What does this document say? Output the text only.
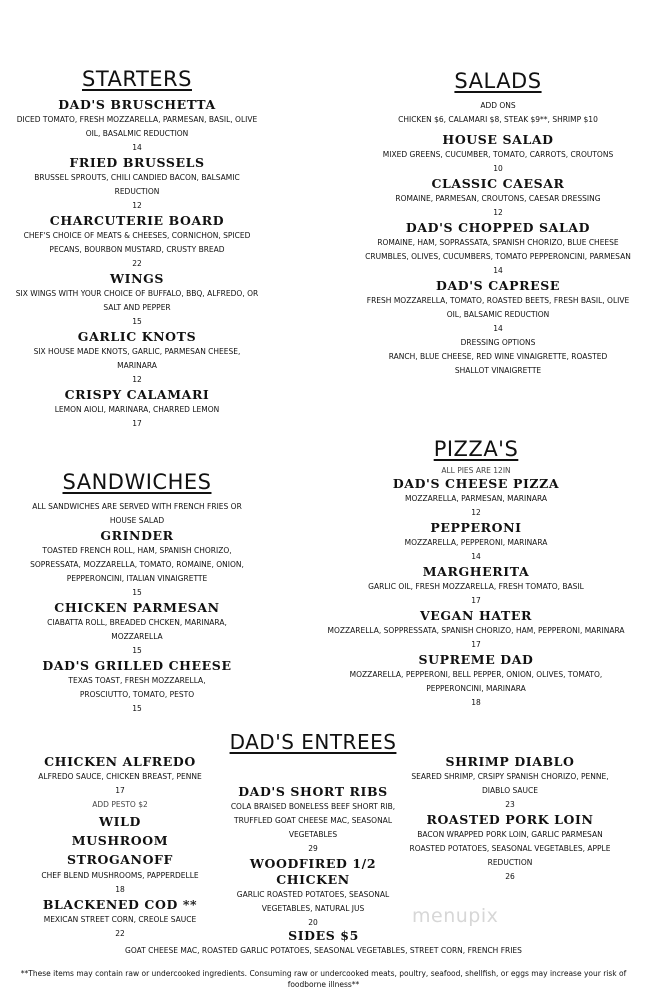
STARTERS
DAD'S BRUSCHETTA
DICED TOMATO, FRESH MOZZARELLA, PARMESAN, BASIL, OLIVE OIL, BASALMIC REDUCTION
14
FRIED BRUSSELS
BRUSSEL SPROUTS, CHILI CANDIED BACON, BALSAMIC REDUCTION
12
CHARCUTERIE BOARD
CHEF'S CHOICE OF MEATS & CHEESES, CORNICHON, SPICED PECANS, BOURBON MUSTARD, CRUSTY BREAD
22
WINGS
SIX WINGS WITH YOUR CHOICE OF BUFFALO, BBQ, ALFREDO, OR SALT AND PEPPER
15
GARLIC KNOTS
SIX HOUSE MADE KNOTS, GARLIC, PARMESAN CHEESE, MARINARA
12
CRISPY CALAMARI
LEMON AIOLI, MARINARA, CHARRED LEMON
17
SALADS
ADD ONS
CHICKEN $6, CALAMARI $8, STEAK $9**, SHRIMP $10
HOUSE SALAD
MIXED GREENS, CUCUMBER, TOMATO, CARROTS, CROUTONS
10
CLASSIC CAESAR
ROMAINE, PARMESAN, CROUTONS, CAESAR DRESSING
12
DAD'S CHOPPED SALAD
ROMAINE, HAM, SOPRASSATA, SPANISH CHORIZO, BLUE CHEESE CRUMBLES, OLIVES, CUCUMBERS, TOMATO PEPPERONCINI, PARMESAN
14
DAD'S CAPRESE
FRESH MOZZARELLA, TOMATO, ROASTED BEETS, FRESH BASIL, OLIVE OIL, BALSAMIC REDUCTION
14
DRESSING OPTIONS
RANCH, BLUE CHEESE, RED WINE VINAIGRETTE, ROASTED SHALLOT VINAIGRETTE
SANDWICHES
ALL SANDWICHES ARE SERVED WITH FRENCH FRIES OR HOUSE SALAD
GRINDER
TOASTED FRENCH ROLL, HAM, SPANISH CHORIZO, SOPRESSATA, MOZZARELLA, TOMATO, ROMAINE, ONION, PEPPERONCINI, ITALIAN VINAIGRETTE
15
CHICKEN PARMESAN
CIABATTA ROLL, BREADED CHCKEN, MARINARA, MOZZARELLA
15
DAD'S GRILLED CHEESE
TEXAS TOAST, FRESH MOZZARELLA, PROSCIUTTO, TOMATO, PESTO
15
PIZZA'S
ALL PIES ARE 12IN
DAD'S CHEESE PIZZA
MOZZARELLA, PARMESAN, MARINARA
12
PEPPERONI
MOZZARELLA, PEPPERONI, MARINARA
14
MARGHERITA
GARLIC OIL, FRESH MOZZARELLA, FRESH TOMATO, BASIL
17
VEGAN HATER
MOZZARELLA, SOPPRESSATA, SPANISH CHORIZO, HAM, PEPPERONI, MARINARA
17
SUPREME DAD
MOZZARELLA, PEPPERONI, BELL PEPPER, ONION, OLIVES, TOMATO, PEPPERONCINI, MARINARA
18
DAD'S ENTREES
CHICKEN ALFREDO
ALFREDO SAUCE, CHICKEN BREAST, PENNE
17
ADD PESTO $2
WILD MUSHROOM STROGANOFF
CHEF BLEND MUSHROOMS, PAPPERDELLE
18
BLACKENED COD **
MEXICAN STREET CORN, CREOLE SAUCE
22
DAD'S SHORT RIBS
COLA BRAISED BONELESS BEEF SHORT RIB, TRUFFLED GOAT CHEESE MAC, SEASONAL VEGETABLES
29
WOODFIRED 1/2 CHICKEN
GARLIC ROASTED POTATOES, SEASONAL VEGETABLES, NATURAL JUS
20
SHRIMP DIABLO
SEARED SHRIMP, CRSIPY SPANISH CHORIZO, PENNE, DIABLO SAUCE
23
ROASTED PORK LOIN
BACON WRAPPED PORK LOIN, GARLIC PARMESAN ROASTED POTATOES, SEASONAL VEGETABLES, APPLE REDUCTION
26
menupix
SIDES $5
GOAT CHEESE MAC, ROASTED GARLIC POTATOES, SEASONAL VEGETABLES, STREET CORN, FRENCH FRIES
**These items may contain raw or undercooked ingredients. Consuming raw or undercooked meats, poultry, seafood, shellfish, or eggs may increase your risk of foodborne illness**
